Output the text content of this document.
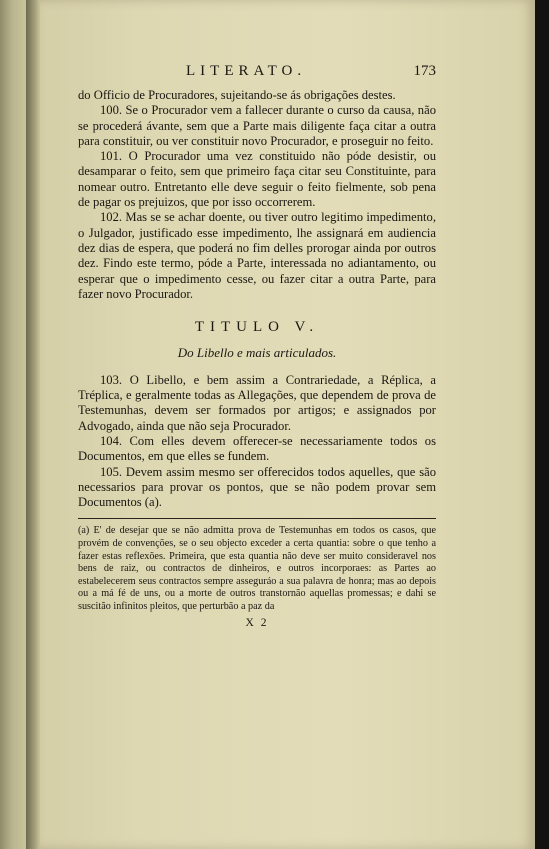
LITERATO.	173

do Officio de Procuradores, sujeitando-se ás obrigações destes.

100. Se o Procurador vem a fallecer durante o curso da causa, não se procederá ávante, sem que a Parte mais diligente faça citar a outra para constituir, ou ver constituir novo Procurador, e proseguir no feito.

101. O Procurador uma vez constituido não póde desistir, ou desamparar o feito, sem que primeiro faça citar seu Constituinte, para nomear outro. Entretanto elle deve seguir o feito fielmente, sob pena de pagar os prejuizos, que por isso occorrerem.

102. Mas se se achar doente, ou tiver outro legitimo impedimento, o Julgador, justificado esse impedimento, lhe assignará em audiencia dez dias de espera, que poderá no fim delles prorogar ainda por outros dez. Findo este termo, póde a Parte, interessada no adiantamento, ou esperar que o impedimento cesse, ou fazer citar a outra Parte, para fazer novo Procurador.

TITULO V.
Do Libello e mais articulados.

103. O Libello, e bem assim a Contrariedade, a Réplica, a Tréplica, e geralmente todas as Allegações, que dependem de prova de Testemunhas, devem ser formados por artigos; e assignados por Advogado, ainda que não seja Procurador.

104. Com elles devem offerecer-se necessariamente todos os Documentos, em que elles se fundem.

105. Devem assim mesmo ser offerecidos todos aquelles, que são necessarios para provar os pontos, que se não podem provar sem Documentos (a).

(a) E' de desejar que se não admitta prova de Testemunhas em todos os casos, que provém de convenções, se o seu objecto exceder a certa quantia: sobre o que tenho a fazer estas reflexões. Primeira, que esta quantia não deve ser muito consideravel nos bens de raiz, ou contractos de dinheiros, e outros incorporaes: as Partes ao estabelecerem seus contractos sempre asseguráo a sua palavra de honra; mas ao depois ou a má fé de uns, ou a morte de outros transtornão aquellas promessas; e dahi se suscitão infinitos pleitos, que perturbão a paz da

X 2
